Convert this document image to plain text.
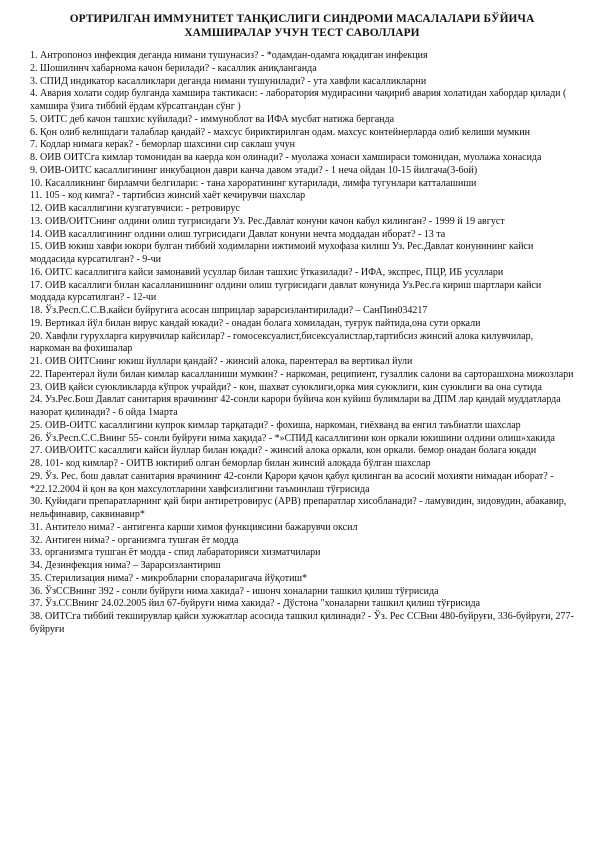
ОРТИРИЛГАН ИММУНИТЕТ ТАНҚИСЛИГИ СИНДРОМИ МАСАЛАЛАРИ БЎЙИЧА
ХАМШИРАЛАР УЧУН ТЕСТ САВОЛЛАРИ

1. Антропоноз инфекция деганда нимани тушунасиз? - *одамдан-одамга юқадиган инфекция

2. Шошилинч хабарнома качон берилади? - касаллик аниқланганда

3. СПИД индикатор касалликлари деганда нимани тушунилади? - ута хавфли касалликларни

4. Авария холати содир булганда хамшира тактикаси: - лаборатория мудирасини чақириб авария холатидан хабордар қилади ( хамшира ўзига тиббий ёрдам кўрсатгандан сўнг )

5. ОИТС деб качон ташхис куйилади? - иммуноблот ва ИФА мусбат натижа берганда

6. Қон олиб келишдаги талаблар қандай? - махсус бириктирилган одам. махсус контейнерларда олиб келиши мумкин

7. Кодлар нимага керак? - беморлар шахсини сир саклаш учун

8. ОИВ ОИТСга кимлар томонидан ва каерда кон олинади? - муолажа хонаси хамшираси томонидан, муолажа хонасида

9. ОИВ-ОИТС касаллигининг инкубацион даври канча давом этади? - 1 неча ойдан 10-15 йилгача(3-6ой)

10. Касалликнинг бирламчи белгилари: - тана хароратининг кутарилади, лимфа тугунлари катталашиши

11. 105 - код кимга? - тартибсиз жинсий хаёт кечирувчи шахслар

12. ОИВ касаллигини кузгатувчиси: - ретровирус

13. ОИВ/ОИТСнинг олдини олиш тугрисидаги Уз. Рес.Давлат конуни качон кабул килинган? - 1999 й 19 август

14. ОИВ касаллигининг олдини олиш тугрисидаги Давлат конуни нечта моддадан иборат? - 13 та

15. ОИВ юкиш хавфи юкори булган тиббий ходимларни ижтимоий мухофаза килиш Уз. Рес.Давлат конунининг кайси моддасида курсатилган? - 9-чи

16. ОИТС касаллигига кайси замонавий усуллар билан ташхис ўтказилади? - ИФА, экспрес, ПЦР, ИБ усуллари

17. ОИВ касаллиги билан касалланишнинг олдини олиш тугрисидаги давлат конунида Уз.Рес.га кириш шартлари кайси моддада курсатилган? - 12-чи

18. Ўз.Респ.С.С.В.кайси буйругига асосан шприцлар зарарсизлантирилади? – СанПин034217

19. Вертикал йўл билан вирус кандай юкади? - онадан болага хомиладан, туғрук пайтида,она сути оркали

20. Хавфли гурухларга кирувчилар кайсилар? - гомосексуалист,бисексуалистлар,тартибсиз жинсий алока килувчилар, наркоман ва фохишалар

21. ОИВ ОИТСнинг юкиш йуллари қандай? - жинсий алока, парентерал ва вертикал йули

22. Парентерал йули билан кимлар касалланиши мумкин? - наркоман, реципиент, гузаллик салони ва сарторашхона мижозлари

23. ОИВ қайси суюкликларда кўпрок учрайди? - кон, шахват суюклиги,орка мия суюклиги, кин суюклиги ва она сутида

24. Уз.Рес.Бош Давлат санитария врачининг 42-сонли карори буйича кон куйиш булимлари ва ДПМ лар қандай муддатларда назорат қилинади? - 6 ойда 1марта

25. ОИВ-ОИТС касаллигини купрок кимлар тарқатади? - фохиша, наркоман, гиёхванд ва енгил таъбиатли шахслар

26. Ўз.Респ.С.С.Внинг 55- сонли буйруғи нима хақида? - *»СПИД касаллигини кон оркали юкишини олдини олиш»хакида

27. ОИВ/ОИТС касаллиги кайси йуллар билан юқади? - жинсий алока оркали, кон оркали. бемор онадан болага юқади

28. 101- код кимлар? - ОИТВ юктириб олган беморлар билан жинсий алоқада бўлган шахслар

29. Ўз. Рес. бош давлат санитария врачининг 42-сонли Қарори қачон қабул қилинган ва асосий мохияти нимадан иборат? - *22.12.2004 й қон ва қон махсулотларини хавфсизлигини таъминлаш тўғрисида

30. Қуйидаги препаратларнинг қай бири антиретровирус (АРВ) препаратлар хисобланади? - ламувидин, зидовудин, абакавир, нельфинавир, саквинавир*

31. Антитело нима? - антигенга карши химоя функциясини бажарувчи оксил

32. Антиген нима? - организмга тушган ёт модда

33. организмга тушган ёт модда - спид лабараторияси хизматчилари

34. Дезинфекция нима? – Зарарсизлантириш

35. Стерилизация нима? - микробларни спораларигача йўқотиш*

36. ЎзССВнинг 392 - сонли буйруги нима хакида? - ишонч хоналарни ташкил қилиш тўғрисида

37. Ўз.ССВнинг 24.02.2005 йил 67-буйруғи нима хакида? - Дўстона "хоналарни ташкил қилиш тўғрисида

38. ОИТСга тиббий текширувлар қайси хужжатлар асосида ташкил қилинади? - Ўз. Рес ССВни 480-буйруғи, 336-буйруғи, 277-буйруғи
